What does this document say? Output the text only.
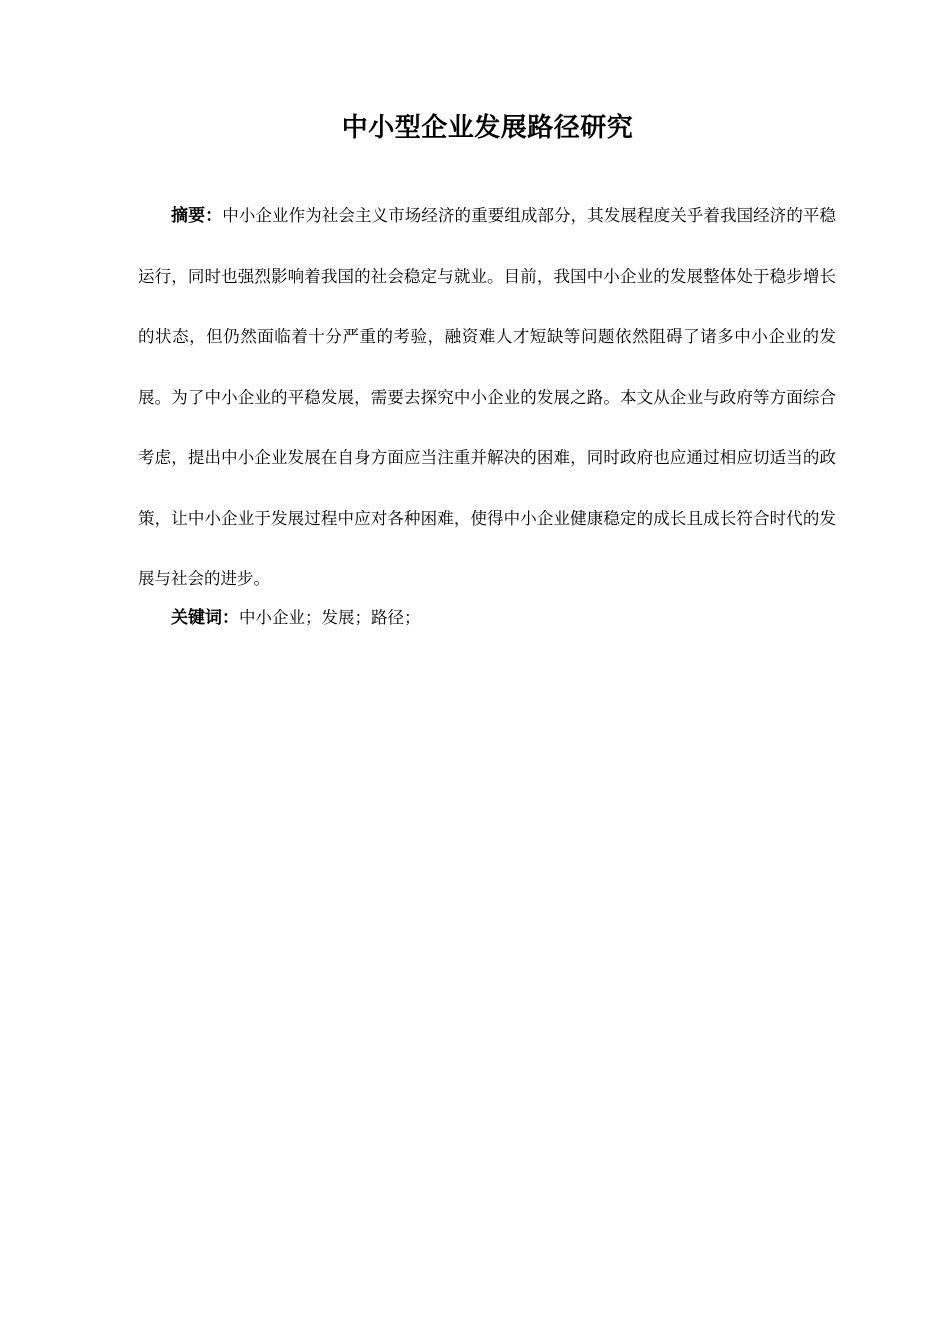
中小型企业发展路径研究

摘要：中小企业作为社会主义市场经济的重要组成部分，其发展程度关乎着我国经济的平稳运行，同时也强烈影响着我国的社会稳定与就业。目前，我国中小企业的发展整体处于稳步增长的状态，但仍然面临着十分严重的考验，融资难人才短缺等问题依然阻碍了诸多中小企业的发展。为了中小企业的平稳发展，需要去探究中小企业的发展之路。本文从企业与政府等方面综合考虑，提出中小企业发展在自身方面应当注重并解决的困难，同时政府也应通过相应切适当的政策，让中小企业于发展过程中应对各种困难，使得中小企业健康稳定的成长且成长符合时代的发展与社会的进步。

关键词：中小企业；发展；路径；
